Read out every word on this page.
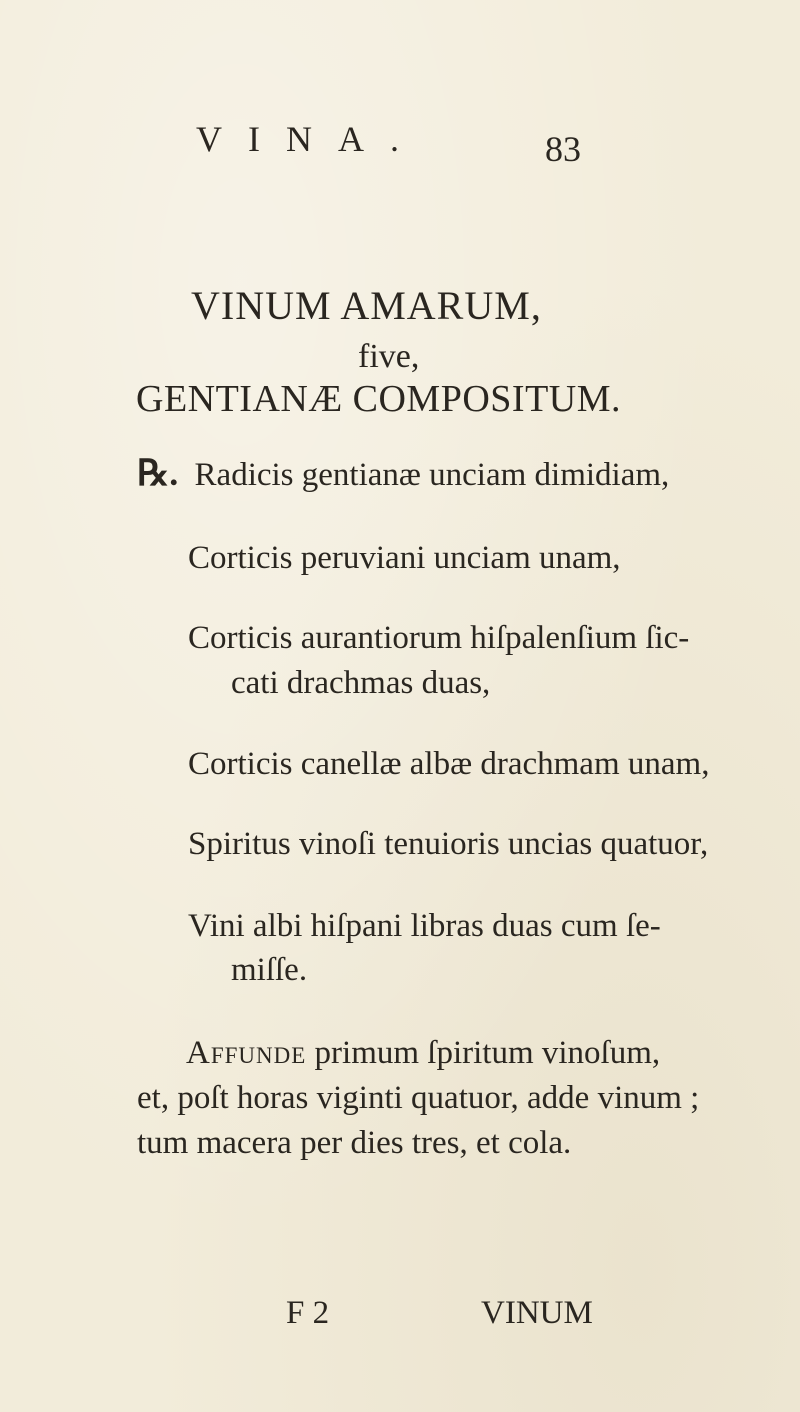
VINA.	83
VINUM AMARUM,
five,
GENTIANÆ COMPOSITUM.
℞. Radicis gentianæ unciam dimidiam,
Corticis peruviani unciam unam,
Corticis aurantiorum hiſpalenſium ſic-
cati drachmas duas,
Corticis canellæ albæ drachmam unam,
Spiritus vinoſi tenuioris uncias quatuor,
Vini albi hiſpani libras duas cum ſe-
miſſe.
Affunde primum ſpiritum vinoſum,
et, poſt horas viginti quatuor, adde vinum ;
tum macera per dies tres, et cola.
F 2	VINUM
